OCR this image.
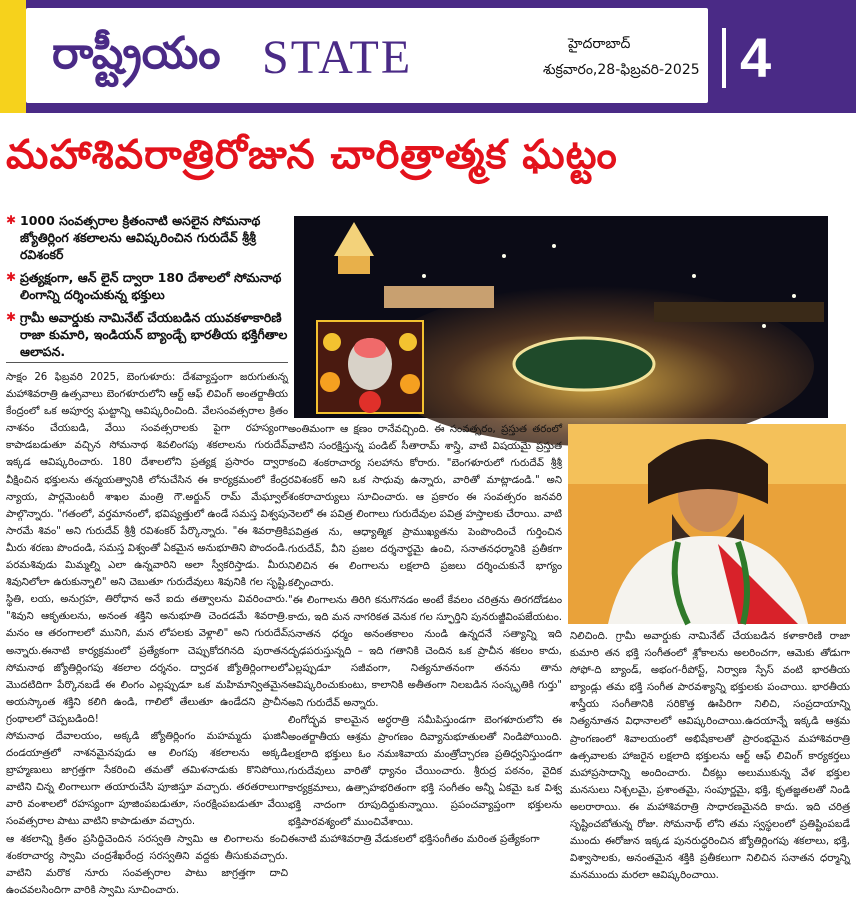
రాష్ట్రీయం STATE	హైదరాబాద్
శుక్రవారం,28-ఫిబ్రవరి-2025 4
మహాశివరాత్రిరోజున చారిత్రాత్మక ఘట్టం
✱ 1000 సంవత్సరాల క్రితంనాటి అసలైన సోమనాథ జ్యోతిర్లింగ శకలాలను ఆవిష్కరించిన గురుదేవ్ శ్రీశ్రీ రవిశంకర్
✱ ప్రత్యక్షంగా, ఆన్ లైన్ ద్వారా 180 దేశాలలో సోమనాథ లింగాన్ని దర్శించుకున్న భక్తులు
✱ గ్రామీ అవార్డుకు నామినేట్ చేయబడిన యువకళాకారిణి రాజా కుమారి, ఇండియన్ బ్యాండ్చే భారతీయ భక్తిగీతాల ఆలాపన.

సాక్షం 26 ఫిబ్రవరి 2025, బెంగుళూరు: దేశవ్యాప్తంగా జరుగుతున్న మహాశివరాత్రి ఉత్సవాలు బెంగళూరులోని ఆర్ట్ ఆఫ్ లివింగ్ అంతర్జాతీయ కేంద్రంలో ఒక అపూర్వ ఘట్టాన్ని ఆవిష్కరించింది. వేలసంవత్సరాల క్రితం నాశనం చేయబడి, వేయి సంవత్సరాలకు పైగా రహస్యంగా కాపాడబడుతూ వచ్చిన సోమనాథ శివలింగపు శకలాలను గురుదేవ్ ఇక్కడ ఆవిష్కరించారు. 180 దేశాలలోని ప్రత్యక్ష ప్రసారం ద్వారా వీక్షించిన భక్తులను తన్మయత్వానికి లోనుచేసిన ఈ కార్యక్రమంలో కేంద్ర న్యాయ, పార్లమెంటరీ శాఖల మంత్రి గౌ.అర్జున్ రామ్ మేఘ్వాల్ పాల్గొన్నారు. "గతంలో, వర్తమానంలో, భవిష్యత్తులో ఉండే సమస్త విశ్వపు సారమే శివం" అని గురుదేవ్ శ్రీశ్రీ రవిశంకర్ పేర్కొన్నారు. "ఈ శివరాత్రికి మీరు శరణు పొందండి, సమస్త విశ్వంతో ఏకమైన అనుభూతిని పొందండి. పరమశివుడు మిమ్మల్ని ఎలా ఉన్నవారిని అలా స్వీకరిస్తాడు. మీరు శివునిలోలా ఉరుకున్నాలి" అని చెబుతూ గురుదేవులు శివునికి గల సృష్టి, స్థితి, లయ, అనుగ్రహ, తిరోధాన అనే ఐదు తత్వాలను వివరించారు. "శివుని ఆకృతులను, అనంత శక్తిని అనుభూతి చెందడమే శివరాత్రి. మనం ఆ తరంగాలలో మునిగి, మన లోపలకు వెళ్లాలి" అని గురుదేవ్ అన్నారు.ఈనాటి కార్యక్రమంలో ప్రత్యేకంగా చెప్పుకోదగినది పురాతన సోమనాథ జ్యోతిర్లింగపు శకలాల దర్శనం. ద్వాదశ జ్యోతిర్లింగాలలో మొదటిదిగా పేర్కొనబడే ఈ లింగం ఎల్లప్పుడూ ఒక మహిమాన్వితమైన అయస్కాంత శక్తిని కలిగి ఉండి, గాలిలో తేలుతూ ఉండేదని ప్రాచీన గ్రంథాలలో చెప్పబడింది!

సోమనాథ దేవాలయం, అక్కడి జ్యోతిర్లింగం మహమ్మదు ఘజినీ దండయాత్రలో నాశనమైనపుడు ఆ లింగపు శకలాలను అక్కడి బ్రాహ్మణులు జాగ్రత్తగా సేకరించి తమతో తమిళనాడుకు కొనిపోయి, వాటిని చిన్న లింగాలుగా తయారుచేసి పూజిస్తూ వచ్చారు. తరతరాలుగా వారి వంశాలలో రహస్యంగా పూజింపబడుతూ, సంరక్షింపబడుతూ వేయి సంవత్సరాల పాటు వాటిని కాపాడుతూ వచ్చారు.

ఆ శకలాన్ని క్రితం ప్రసిద్ధిచెందిన సరస్వతి స్వామి ఆ లింగాలను కంచి శంకరాచార్య స్వామి చంద్రశేఖరేంద్ర సరస్వతిని వద్దకు తీసుకువచ్చారు. వాటిని మరొక నూరు సంవత్సరాల పాటు జాగ్రత్తగా దాచి ఉంచవలసిందిగా వారికి స్వామి సూచించారు.

అంతిమంగా ఆ క్షణం రానేవచ్చింది. ఈ సంవత్సరం, ప్రస్తుత తరంలో వాటిని సంరక్షిస్తున్న పండిట్ సీతారామ్ శాస్త్రి, వాటి విషయమై ప్రస్తుత కంచి శంకరాచార్య సలహాను కోరారు. "బెంగళూరులో గురుదేవ్ శ్రీశ్రీ రవిశంకర్ అని ఒక సాధువు ఉన్నారు, వారితో మాట్లాడండి." అని శంకరాచార్యులు సూచించారు. ఆ ప్రకారం ఈ సంవత్సరం జనవరి నెలలో ఈ పవిత్ర లింగాలు గురుదేవుల పవిత్ర హస్తాలకు చేరాయి. వాటి పవిత్రత ను, ఆధ్యాత్మిక ప్రాముఖ్యతను పెంపొందించే గుర్తించిన గురుదేవ్, వీని ప్రజల దర్శనార్థమై ఉంచి, సనాతనధర్మానికి ప్రతీకగా నిలిచిన ఈ లింగాలను లక్షలాది ప్రజలు దర్శించుకునే భాగ్యం కల్పించారు.

"ఈ లింగాలను తిరిగి కనుగొనడం అంటే కేవలం చరిత్రను తిరగదోడటం కాదు, ఇది మన నాగరికత వెనుక గల స్ఫూర్తిని పునరుజ్జీవింపజేయటం. సనాతన ధర్మం అనంతకాలం నుండి ఉన్నదనే సత్యాన్ని ఇది దృఢపరుస్తున్నది – ఇది గతానికి చెందిన ఒక ప్రాచీన శకలం కాదు, ఎల్లప్పుడూ సజీవంగా, నిత్యనూతనంగా తనను తాను ఆవిష్కరించుకుంటు, కాలానికి అతీతంగా నిలబడిన సంస్కృతికి గుర్తు" అని గురుదేవ్ అన్నారు.

లింగోద్భవ కాలమైన అర్ధరాత్రి సమీపిస్తుండగా బెంగళూరులోని ఈ అంతర్జాతీయ ఆశ్రమ ప్రాంగణం దివ్యానుభూతులతో నిండిపోయింది. లక్షలాది భక్తులు ఓం నమఃశివాయ మంత్రోచ్చారణ ప్రతిధ్వనిస్తుండగా గురుదేవులు వారితో ధ్యానం చేయించారు. శ్రీరుద్ర పఠనం, వైదిక కార్యక్రమాలు, ఉత్సాహభరితంగా భక్తి సంగీతం అన్నీ ఏకమై ఒక విశ్వ భక్తి నాదంగా రూపుదిద్దుకున్నాయి. ప్రపంచవ్యాప్తంగా భక్తులను భక్తిపారవశ్యంలో ముంచివేశాయి.

ఈనాటి మహాశివరాత్రి వేడుకలలో భక్తిసంగీతం మరింత ప్రత్యేకంగా

నిలిచింది. గ్రామీ అవార్డుకు నామినేట్ చేయబడిన కళాకారిణి రాజా కుమారి తన భక్తి సంగీతంలో శ్లోకాలను అలరించగా, ఆమెకు తోడుగా సోఫో-ది బ్యాండ్, అభంగ-రీపోస్ట్, నిర్వాణ స్పేస్ వంటి భారతీయ బ్యాండ్లు తమ భక్తి సంగీత పారవశ్యాన్ని భక్తులకు పంచాయి. భారతీయ శాస్త్రీయ సంగీతానికి సరికొత్త ఊపిరిగా నిలిచి, సంప్రదాయాన్ని నిత్యనూతన విధానాలలో ఆవిష్కరించాయి.ఉదయాన్నే ఇక్కడి ఆశ్రమ ప్రాంగణంలో శివాలయంలో అభిషేకాలతో ప్రారంభమైన మహాశివరాత్రి ఉత్సవాలకు హాజరైన లక్షలాది భక్తులను ఆర్ట్ ఆఫ్ లివింగ్ కార్యకర్తలు మహాప్రసాదాన్ని అందించారు. చీకట్లు అలుముకున్న వేళ భక్తుల మనసులు నిశ్చలమై, ప్రశాంతమై, సంపూర్ణమై, భక్తి, కృతజ్ఞతలతో నిండి అలరారాయి. ఈ మహాశివరాత్రి సాధారణమైనది కాదు. ఇది చరిత్ర సృష్టించబోతున్న రోజు. సోమనాథ్ లోని తమ స్వస్థలంలో ప్రతిష్టింపబడే ముందు ఈరోజున ఇక్కడ పునరుద్ధరించిన జ్యోతిర్లింగపు శకలాలు, భక్తి, విశ్వాసాలకు, అనంతమైన శక్తికి ప్రతీకలుగా నిలిచిన సనాతన ధర్మాన్ని మనముందు మరలా ఆవిష్కరించాయి.
